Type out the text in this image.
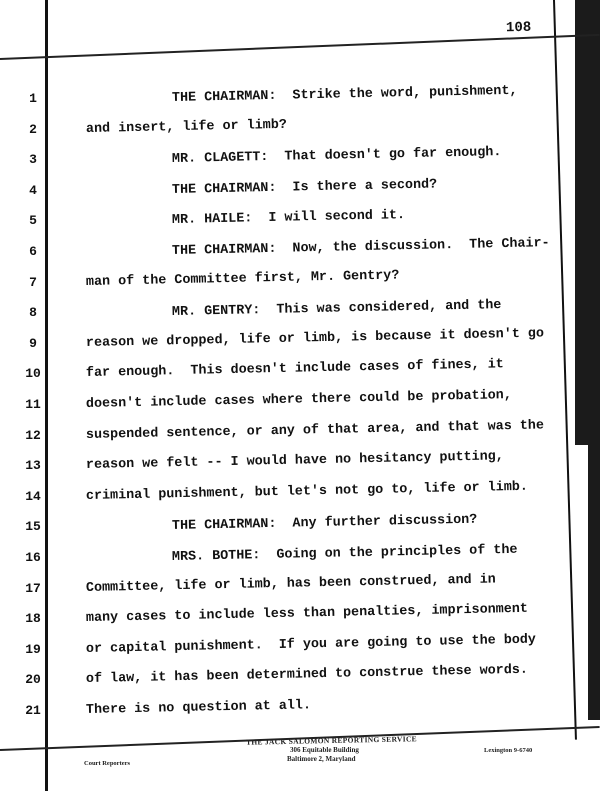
108
1	THE CHAIRMAN:  Strike the word, punishment,
2	and insert, life or limb?
3	MR. CLAGETT:  That doesn't go far enough.
4	THE CHAIRMAN:  Is there a second?
5	MR. HAILE:  I will second it.
6	THE CHAIRMAN:  Now, the discussion.  The Chair-
7	man of the Committee first, Mr. Gentry?
8	MR. GENTRY:  This was considered, and the
9	reason we dropped, life or limb, is because it doesn't go
10	far enough.  This doesn't include cases of fines, it
11	doesn't include cases where there could be probation,
12	suspended sentence, or any of that area, and that was the
13	reason we felt -- I would have no hesitancy putting,
14	criminal punishment, but let's not go to, life or limb.
15	THE CHAIRMAN:  Any further discussion?
16	MRS. BOTHE:  Going on the principles of the
17	Committee, life or limb, has been construed, and in
18	many cases to include less than penalties, imprisonment
19	or capital punishment.  If you are going to use the body
20	of law, it has been determined to construe these words.
21	There is no question at all.
THE JACK SALOMON REPORTING SERVICE
306 Equitable Building
Baltimore 2, Maryland
Court Reporters
Lexington 9-6740
